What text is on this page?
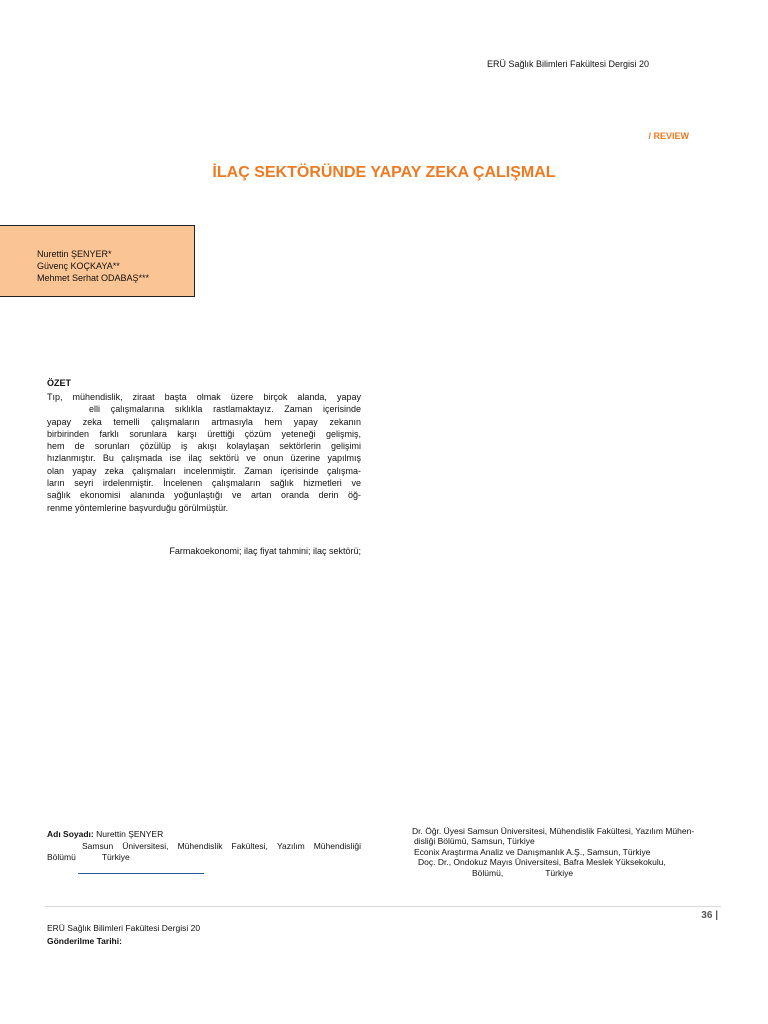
ERÜ Sağlık Bilimleri Fakültesi Dergisi 20
/ REVIEW
İLAÇ SEKTÖRÜNDE YAPAY ZEKA ÇALIŞMAL
Nurettin ŞENYER*
Güvenç KOÇKAYA**
Mehmet Serhat ODABAŞ***
ÖZET

Tıp, mühendislik, ziraat başta olmak üzere birçok alanda, yapay

elli çalışmalarına sıklıkla rastlamaktayız. Zaman içerisinde

yapay zeka temelli çalışmaların artmasıyla hem yapay zekanın

birbirinden farklı sorunlara karşı ürettiği çözüm yeteneği gelişmiş,

hem de sorunları çözülüp iş akışı kolaylaşan sektörlerin gelişimi

hızlanmıştır. Bu çalışmada ise ilaç sektörü ve onun üzerine yapılmış

olan yapay zeka çalışmaları incelenmiştir. Zaman içerisinde çalışma-

ların seyri irdelenmiştir. İncelenen çalışmaların sağlık hizmetleri ve

sağlık ekonomisi alanında yoğunlaştığı ve artan oranda derin öğ-

renme yöntemlerine başvurduğu görülmüştür.

Farmakoekonomi; ilaç fiyat tahmini; ilaç sektörü;
Adı Soyadı: Nurettin ŞENYER
Samsun Üniversitesi, Mühendislik Fakültesi, Yazılım Mühendisliği
Bölümü	Türkiye
Dr. Öğr. Üyesi Samsun Üniversitesi, Mühendislik Fakültesi, Yazılım Mühen-
disliği Bölümü, Samsun, Türkiye
Econix Araştırma Analiz ve Danışmanlık A.Ş., Samsun, Türkiye
Doç. Dr., Ondokuz Mayıs Üniversitesi, Bafra Meslek Yüksekokulu,
Bölümü,	Türkiye
36 |
ERÜ Sağlık Bilimleri Fakültesi Dergisi 20
Gönderilme Tarihi:
